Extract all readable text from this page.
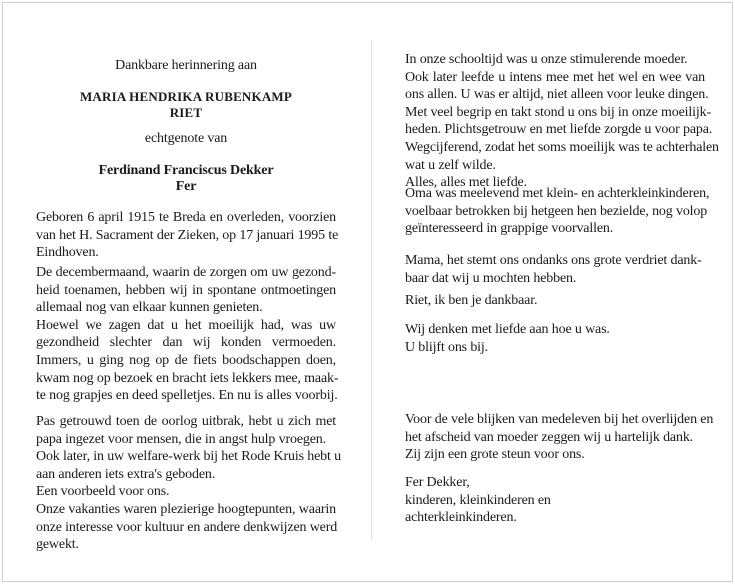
Dankbare herinnering aan
MARIA HENDRIKA RUBENKAMP
RIET
echtgenote van
Ferdinand Franciscus Dekker
Fer
Geboren 6 april 1915 te Breda en overleden, voorzien
van het H. Sacrament der Zieken, op 17 januari 1995 te
Eindhoven.
De decembermaand, waarin de zorgen om uw gezond-
heid toenamen, hebben wij in spontane ontmoetingen
allemaal nog van elkaar kunnen genieten.
Hoewel we zagen dat u het moeilijk had, was uw
gezondheid slechter dan wij konden vermoeden.
Immers, u ging nog op de fiets boodschappen doen,
kwam nog op bezoek en bracht iets lekkers mee, maak-
te nog grapjes en deed spelletjes. En nu is alles voorbij.
Pas getrouwd toen de oorlog uitbrak, hebt u zich met
papa ingezet voor mensen, die in angst hulp vroegen.
Ook later, in uw welfare-werk bij het Rode Kruis hebt u
aan anderen iets extra's geboden.
Een voorbeeld voor ons.
Onze vakanties waren plezierige hoogtepunten, waarin
onze interesse voor kultuur en andere denkwijzen werd
gewekt.
In onze schooltijd was u onze stimulerende moeder.
Ook later leefde u intens mee met het wel en wee van
ons allen. U was er altijd, niet alleen voor leuke dingen.
Met veel begrip en takt stond u ons bij in onze moeilijk-
heden. Plichtsgetrouw en met liefde zorgde u voor papa.
Wegcijferend, zodat het soms moeilijk was te achterhalen
wat u zelf wilde.
Alles, alles met liefde.
Oma was meelevend met klein- en achterkleinkinderen,
voelbaar betrokken bij hetgeen hen bezielde, nog volop
geïnteresseerd in grappige voorvallen.
Mama, het stemt ons ondanks ons grote verdriet dank-
baar dat wij u mochten hebben.
Riet, ik ben je dankbaar.
Wij denken met liefde aan hoe u was.
U blijft ons bij.
Voor de vele blijken van medeleven bij het overlijden en
het afscheid van moeder zeggen wij u hartelijk dank.
Zij zijn een grote steun voor ons.
Fer Dekker,
kinderen, kleinkinderen en
achterkleinkinderen.
